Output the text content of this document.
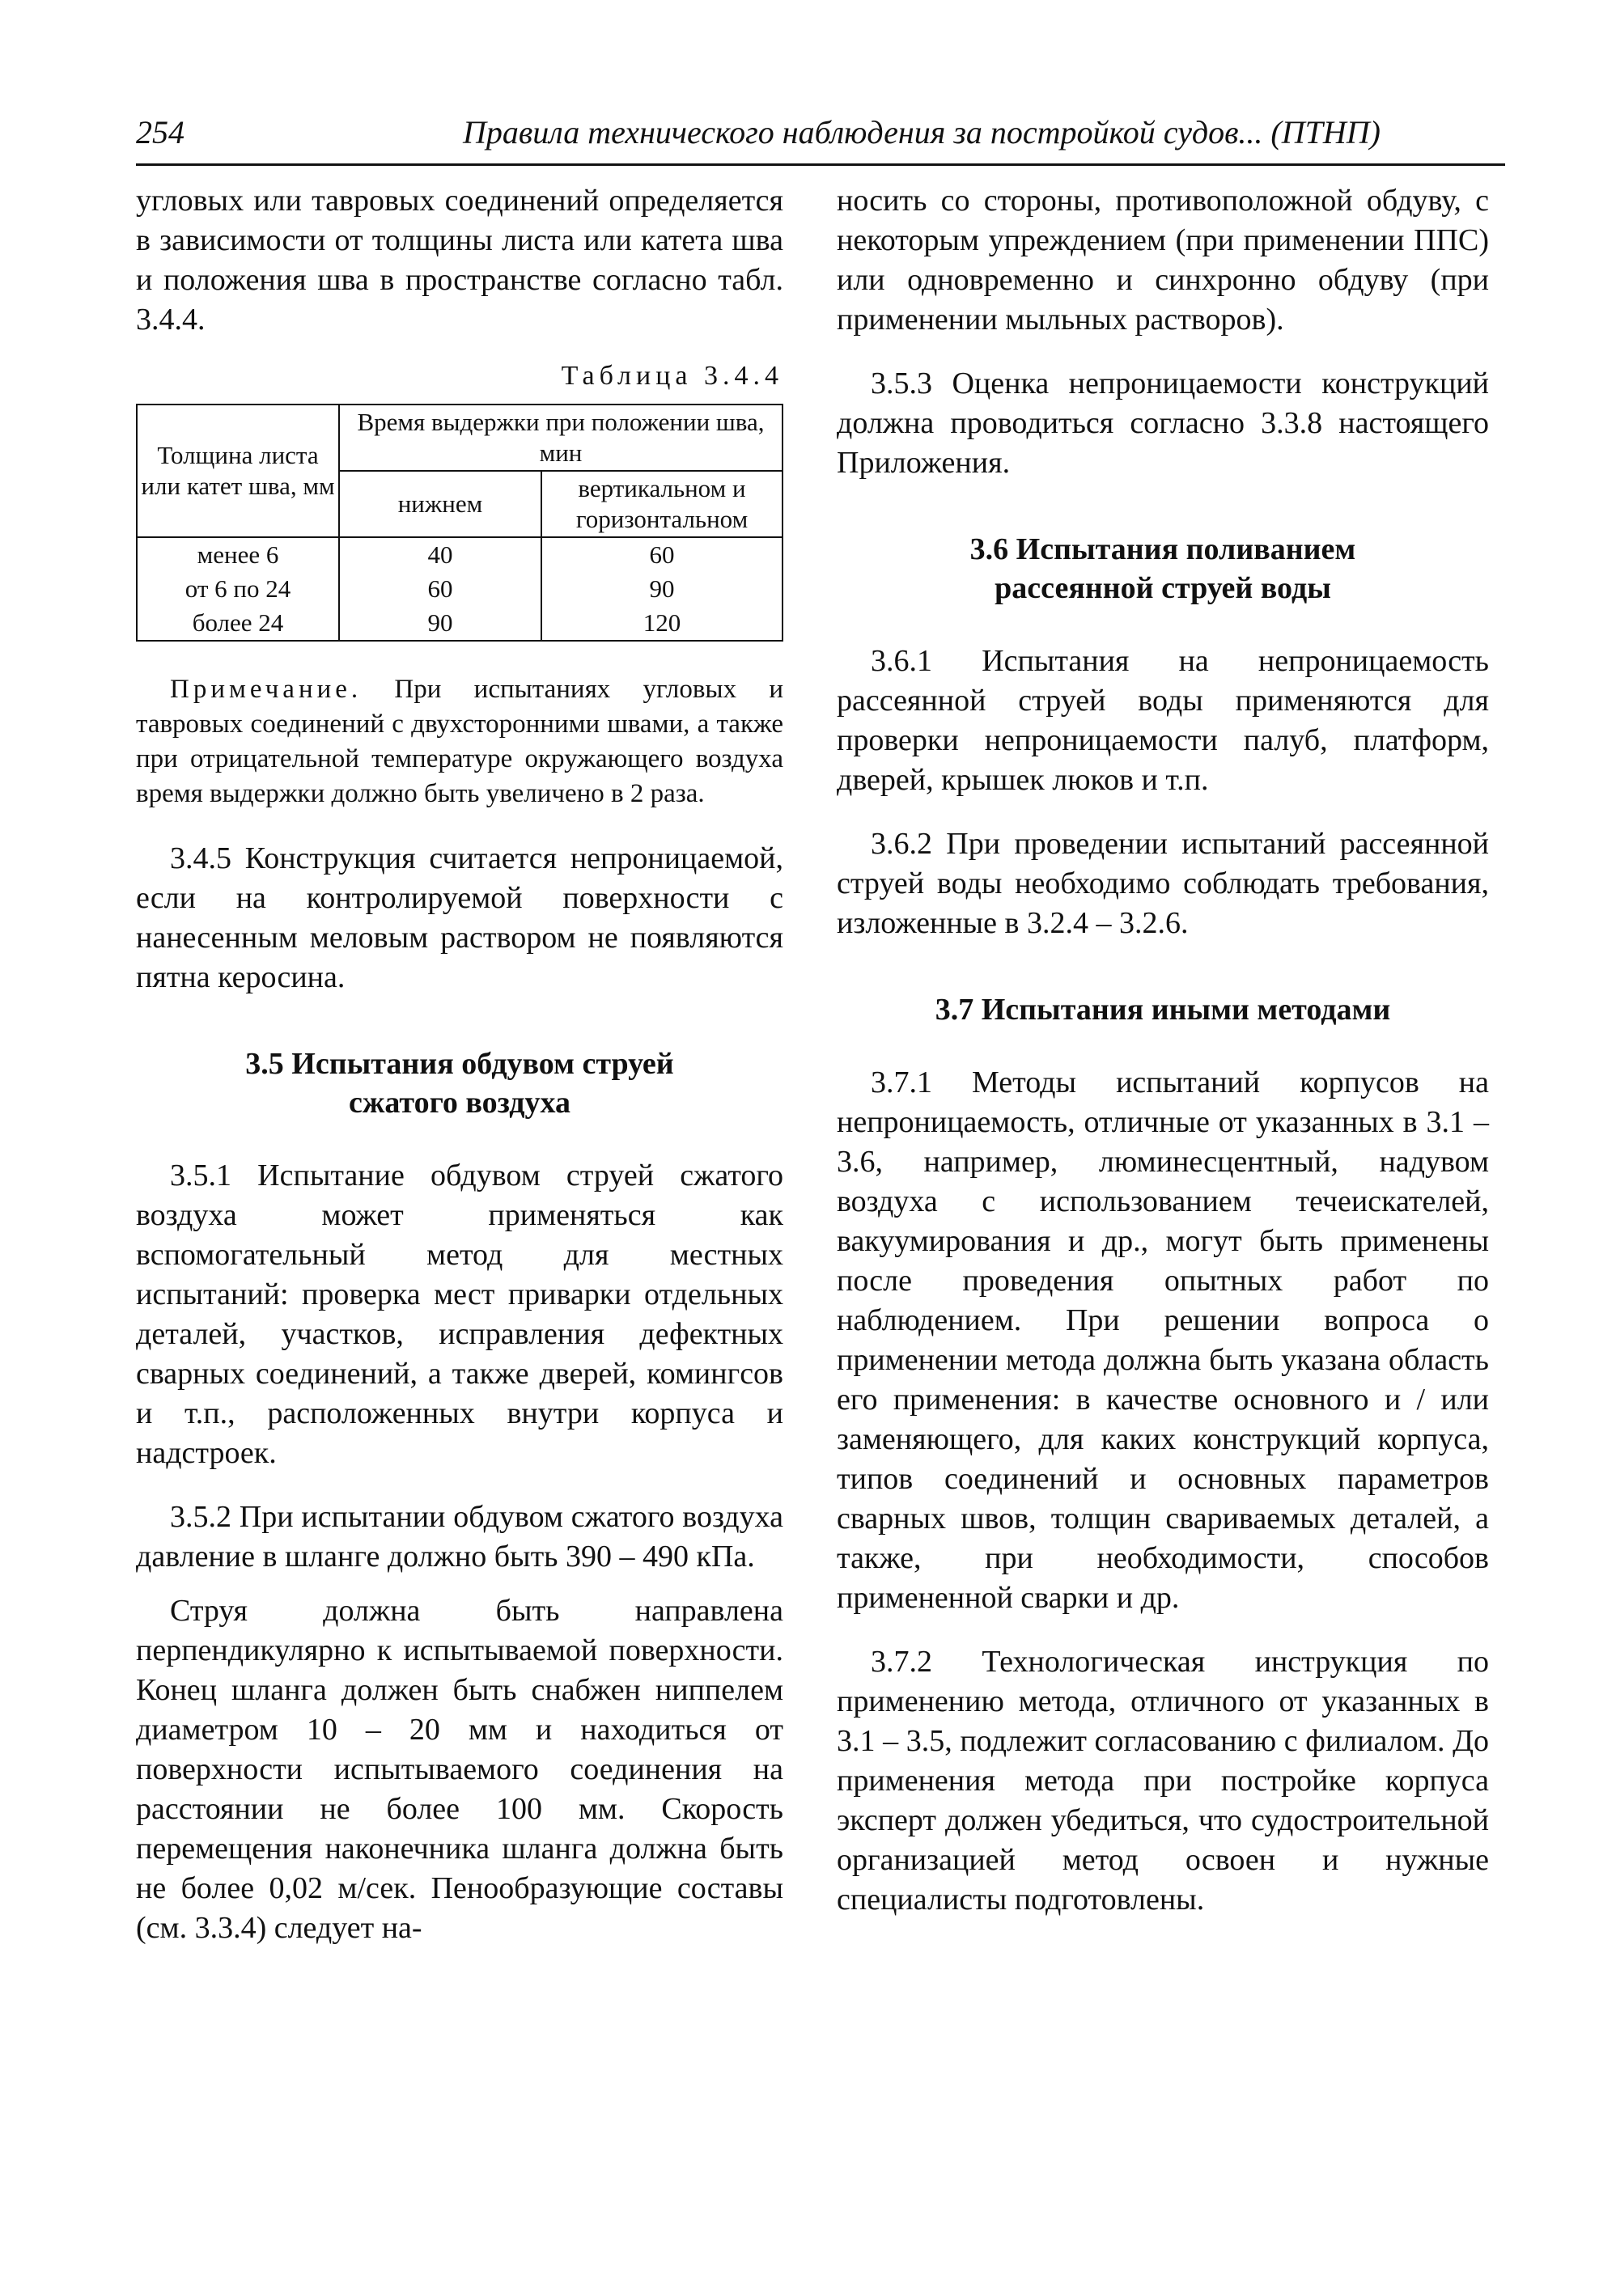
254	Правила технического наблюдения за постройкой судов... (ПТНП)

угловых или тавровых соединений определяется в зависимости от толщины листа или катета шва и положения шва в пространстве согласно табл. 3.4.4.

Таблица 3.4.4
Толщина листа или катет шва, мм	Время выдержки при положении шва, мин	
	нижнем	вертикальном и горизонтальном
менее 6	40	60
от 6 по 24	60	90
более 24	90	120

Примечание. При испытаниях угловых и тавровых соединений с двухсторонними швами, а также при отрицательной температуре окружающего воздуха время выдержки должно быть увеличено в 2 раза.

3.4.5 Конструкция считается непроницаемой, если на контролируемой поверхности с нанесенным меловым раствором не появляются пятна керосина.

3.5 Испытания обдувом струей
сжатого воздуха

3.5.1 Испытание обдувом струей сжатого воздуха может применяться как вспомогательный метод для местных испытаний: проверка мест приварки отдельных деталей, участков, исправления дефектных сварных соединений, а также дверей, комингсов и т.п., расположенных внутри корпуса и надстроек.

3.5.2 При испытании обдувом сжатого воздуха давление в шланге должно быть 390 – 490 кПа.

Струя должна быть направлена перпендикулярно к испытываемой поверхности. Конец шланга должен быть снабжен ниппелем диаметром 10 – 20 мм и находиться от поверхности испытываемого соединения на расстоянии не более 100 мм. Скорость перемещения наконечника шланга должна быть не более 0,02 м/сек. Пенообразующие составы (см. 3.3.4) следует на-

носить со стороны, противоположной обдуву, с некоторым упреждением (при применении ППС) или одновременно и синхронно обдуву (при применении мыльных растворов).

3.5.3 Оценка непроницаемости конструкций должна проводиться согласно 3.3.8 настоящего Приложения.

3.6 Испытания поливанием
рассеянной струей воды

3.6.1 Испытания на непроницаемость рассеянной струей воды применяются для проверки непроницаемости палуб, платформ, дверей, крышек люков и т.п.

3.6.2 При проведении испытаний рассеянной струей воды необходимо соблюдать требования, изложенные в 3.2.4 – 3.2.6.

3.7 Испытания иными методами

3.7.1 Методы испытаний корпусов на непроницаемость, отличные от указанных в 3.1 – 3.6, например, люминесцентный, надувом воздуха с использованием течеискателей, вакуумирования и др., могут быть применены после проведения опытных работ по наблюдением. При решении вопроса о применении метода должна быть указана область его применения: в качестве основного и / или заменяющего, для каких конструкций корпуса, типов соединений и основных параметров сварных швов, толщин свариваемых деталей, а также, при необходимости, способов примененной сварки и др.

3.7.2 Технологическая инструкция по применению метода, отличного от указанных в 3.1 – 3.5, подлежит согласованию с филиалом. До применения метода при постройке корпуса эксперт должен убедиться, что судостроительной организацией метод освоен и нужные специалисты подготовлены.
